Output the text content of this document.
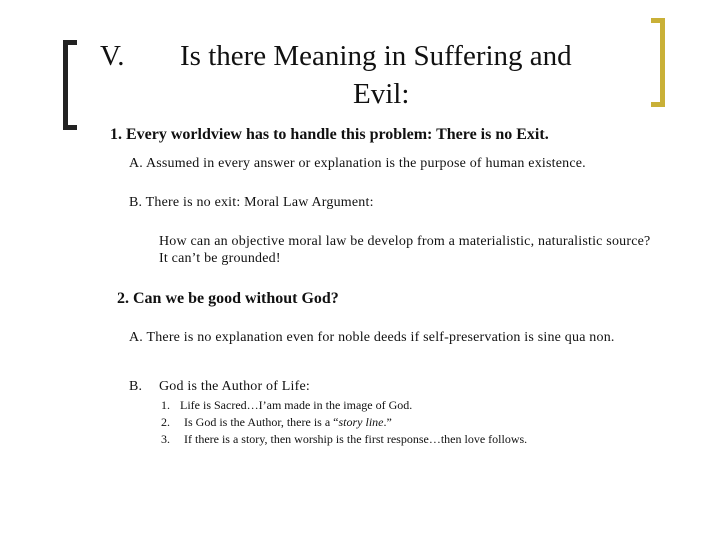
V. Is there Meaning in Suffering and
Evil:
1. Every worldview has to handle this problem: There is no Exit.
A. Assumed in every answer or explanation is the purpose of human existence.
B. There is no exit: Moral Law Argument:
How can an objective moral law be develop from a materialistic, naturalistic source?
It can’t be grounded!
2. Can we be good without God?
A. There is no explanation even for noble deeds if self-preservation is sine qua non.
B. God is the Author of Life:
1. Life is Sacred…I’am made in the image of God.
2. Is God is the Author, there is a “story line.”
3. If there is a story, then worship is the first response…then love follows.
